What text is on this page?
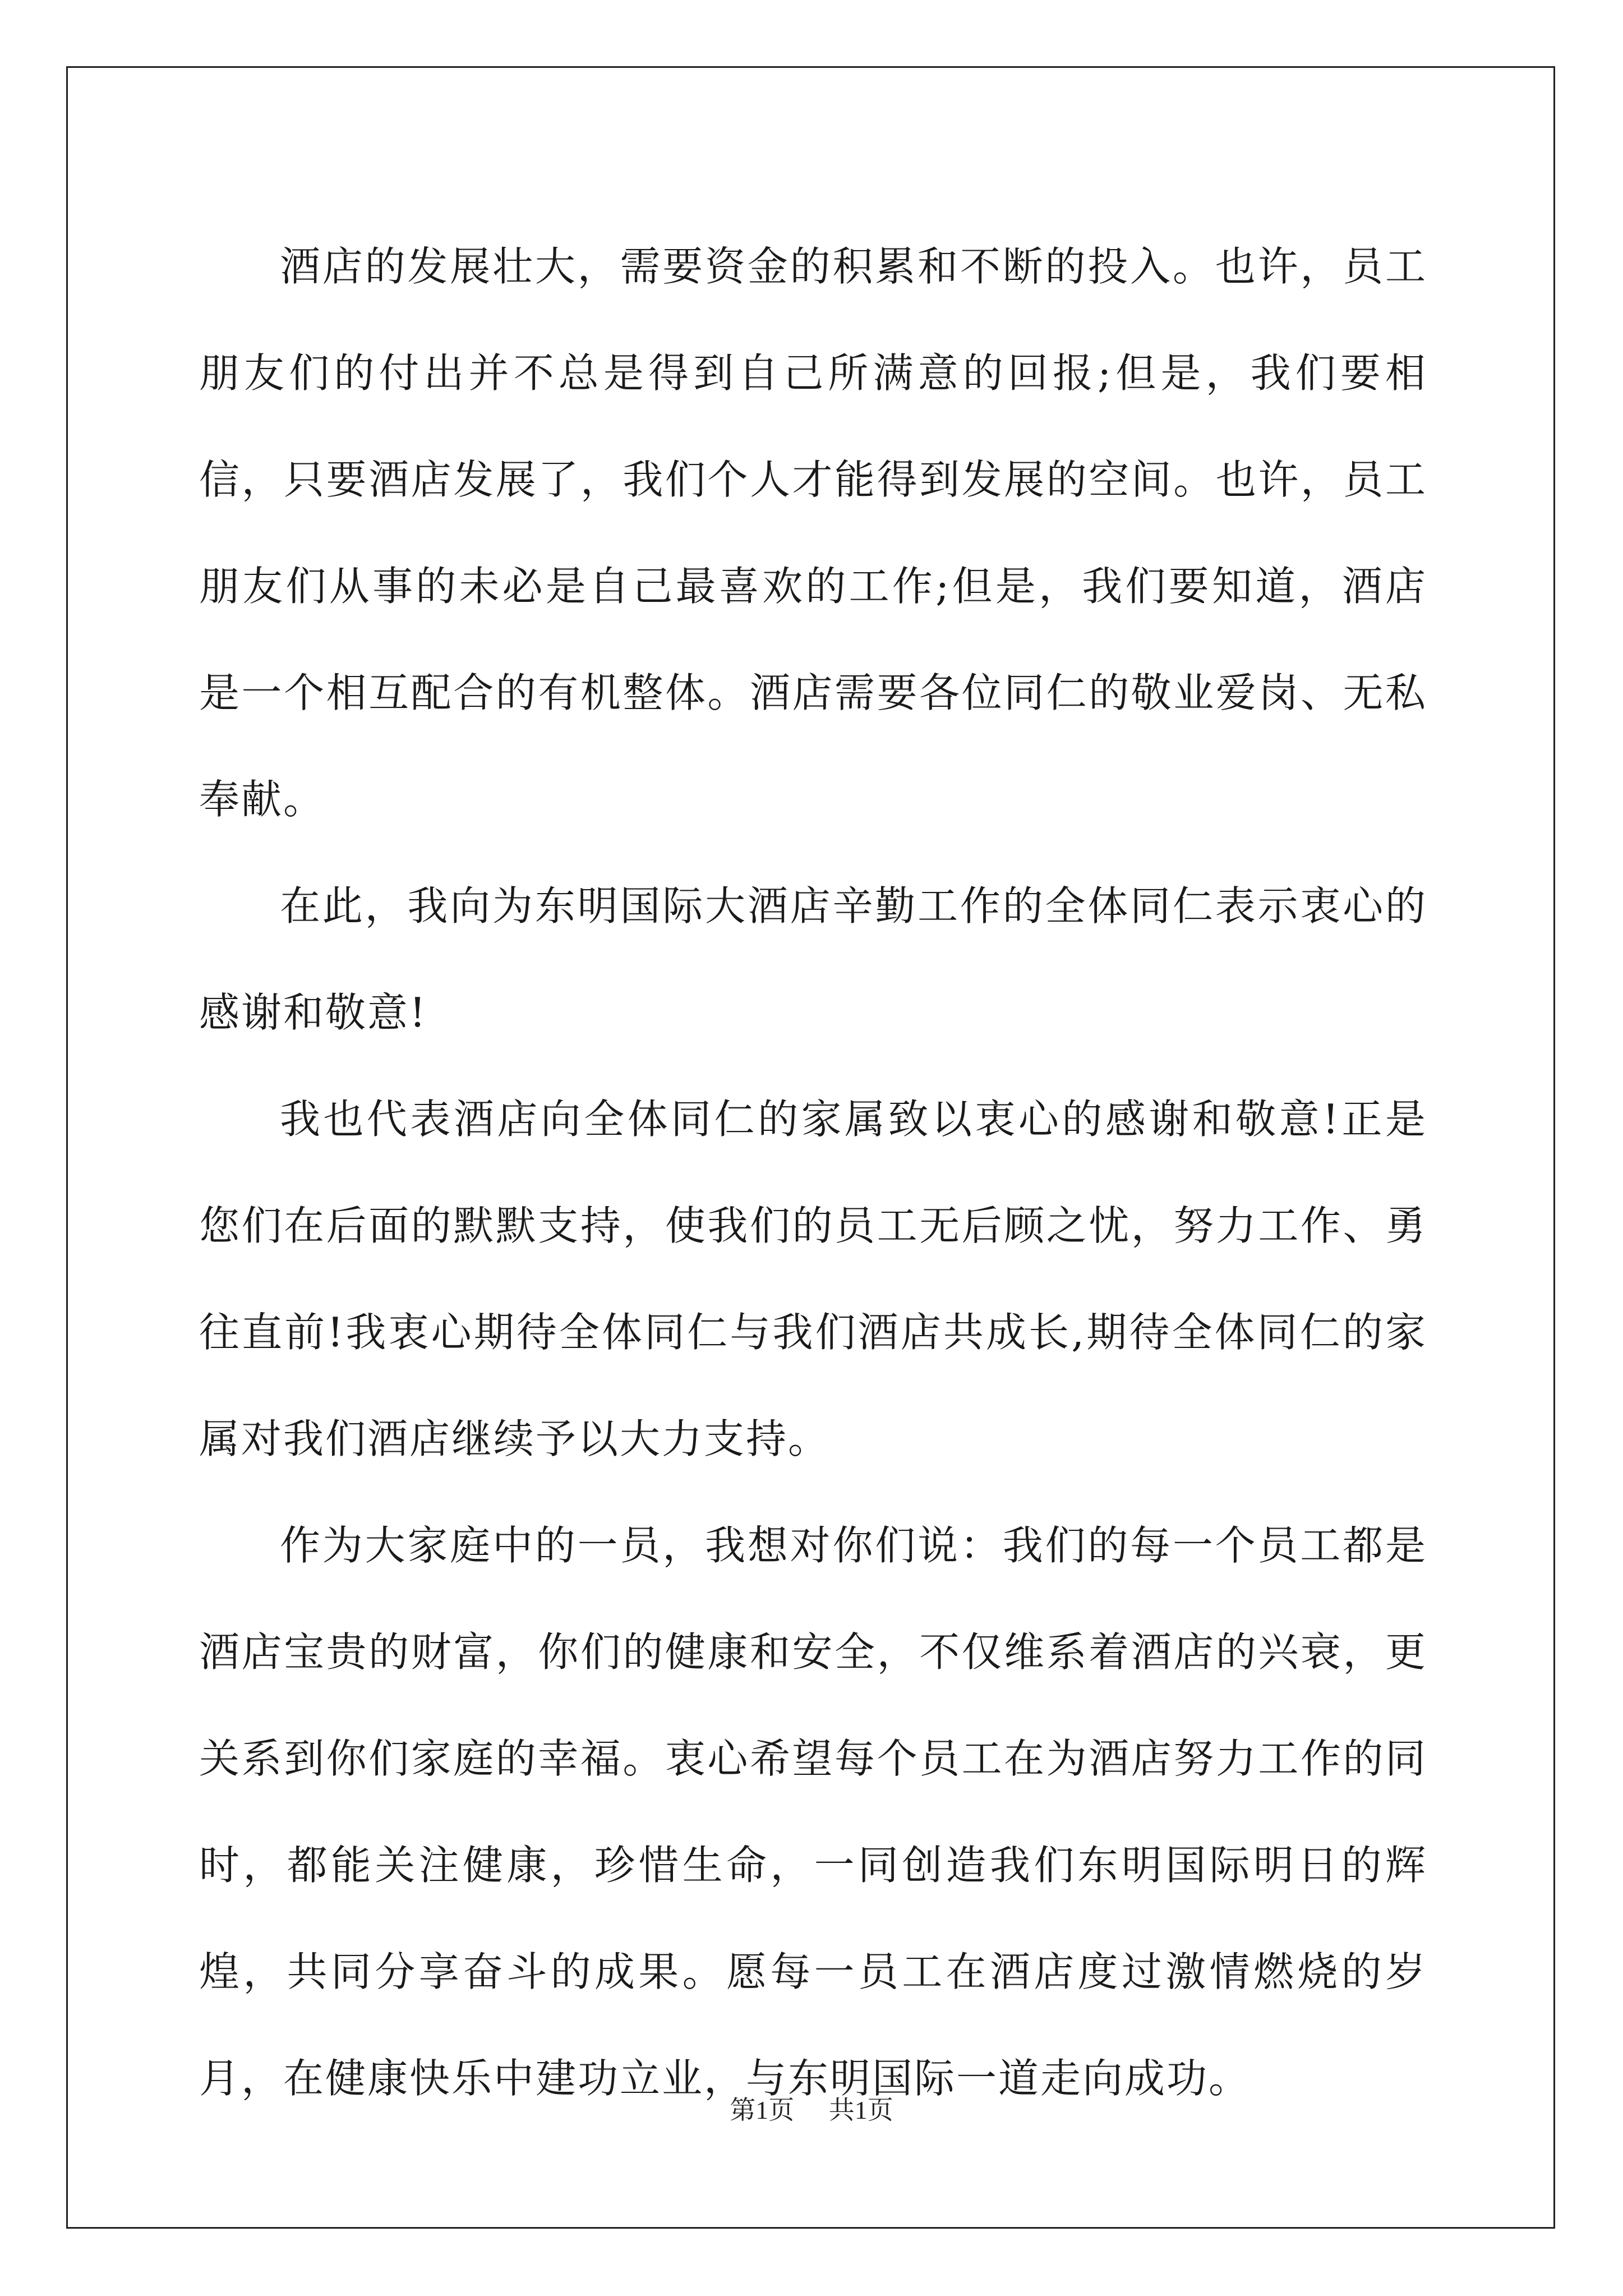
酒店的发展壮大，需要资金的积累和不断的投入。也许，员工朋友们的付出并不总是得到自己所满意的回报;但是，我们要相信，只要酒店发展了，我们个人才能得到发展的空间。也许，员工朋友们从事的未必是自己最喜欢的工作;但是，我们要知道，酒店是一个相互配合的有机整体。酒店需要各位同仁的敬业爱岗、无私奉献。

在此，我向为东明国际大酒店辛勤工作的全体同仁表示衷心的感谢和敬意!

我也代表酒店向全体同仁的家属致以衷心的感谢和敬意!正是您们在后面的默默支持，使我们的员工无后顾之忧，努力工作、勇往直前!我衷心期待全体同仁与我们酒店共成长,期待全体同仁的家属对我们酒店继续予以大力支持。

作为大家庭中的一员，我想对你们说：我们的每一个员工都是酒店宝贵的财富，你们的健康和安全，不仅维系着酒店的兴衰，更关系到你们家庭的幸福。衷心希望每个员工在为酒店努力工作的同时，都能关注健康，珍惜生命，一同创造我们东明国际明日的辉煌，共同分享奋斗的成果。愿每一员工在酒店度过激情燃烧的岁月，在健康快乐中建功立业，与东明国际一道走向成功。

第1页 共1页
